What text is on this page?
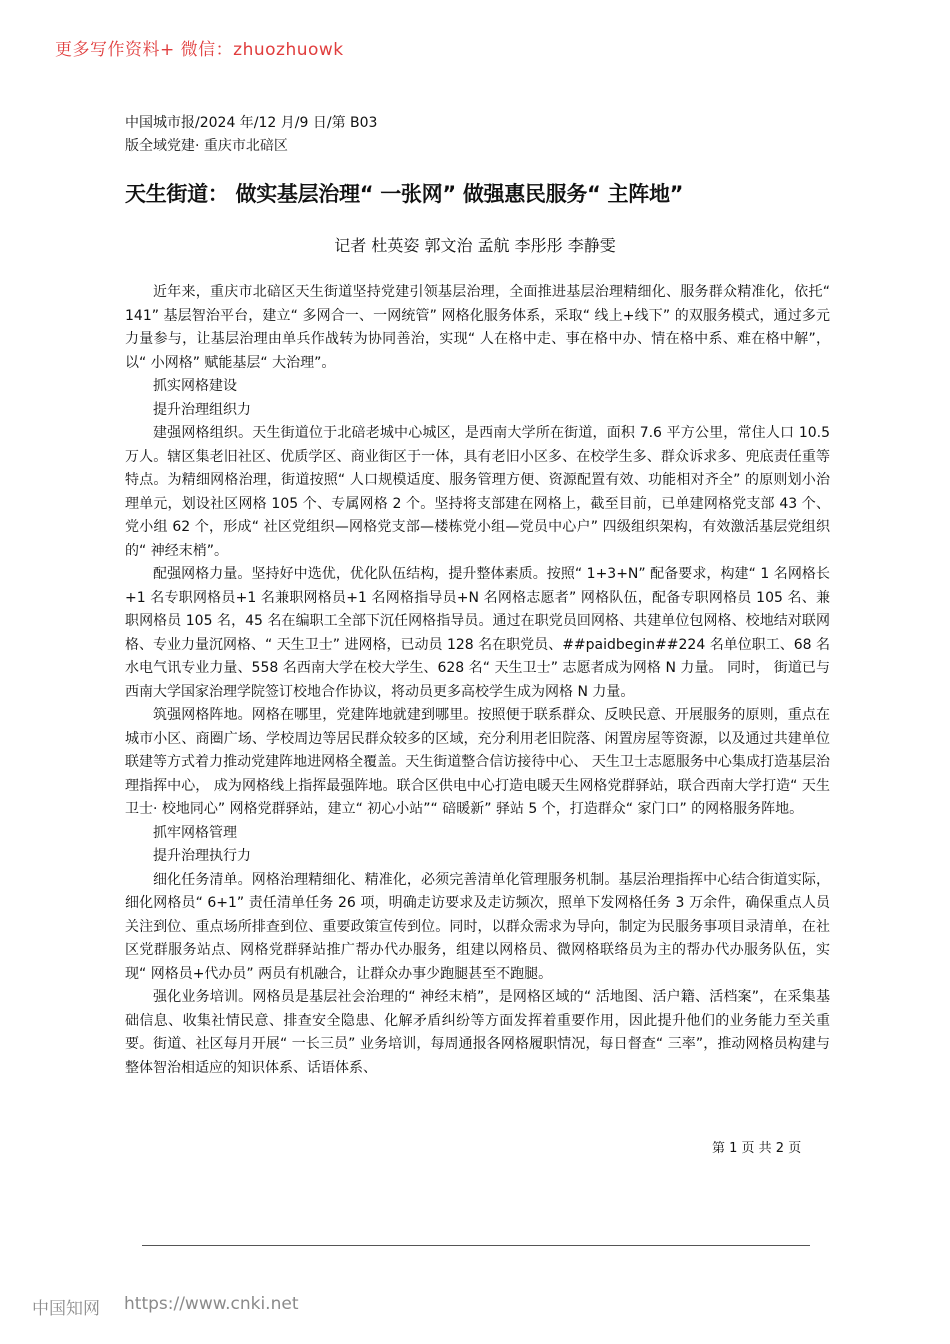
更多写作资料+ 微信：zhuozhuowk
中国城市报/2024 年/12 月/9 日/第 B03
版全域党建· 重庆市北碚区
天生街道： 做实基层治理“ 一张网” 做强惠民服务“ 主阵地”
记者 杜英姿 郭文治 孟航 李彤彤 李静雯

近年来，重庆市北碚区天生街道坚持党建引领基层治理，全面推进基层治理精细化、服务群众精准化，依托“ 141” 基层智治平台，建立“ 多网合一、一网统管” 网格化服务体系，采取“ 线上+线下” 的双服务模式，通过多元力量参与，让基层治理由单兵作战转为协同善治，实现“ 人在格中走、事在格中办、情在格中系、难在格中解”，以“ 小网格” 赋能基层“ 大治理”。

抓实网格建设

提升治理组织力

建强网格组织。天生街道位于北碚老城中心城区，是西南大学所在街道，面积 7.6 平方公里，常住人口 10.5 万人。辖区集老旧社区、优质学区、商业街区于一体，具有老旧小区多、在校学生多、群众诉求多、兜底责任重等特点。为精细网格治理，街道按照“ 人口规模适度、服务管理方便、资源配置有效、功能相对齐全” 的原则划小治理单元，划设社区网格 105 个、专属网格 2 个。坚持将支部建在网格上，截至目前，已单建网格党支部 43 个、党小组 62 个，形成“ 社区党组织—网格党支部—楼栋党小组—党员中心户” 四级组织架构，有效激活基层党组织的“ 神经末梢”。

配强网格力量。坚持好中选优，优化队伍结构，提升整体素质。按照“ 1+3+N” 配备要求，构建“ 1 名网格长+1 名专职网格员+1 名兼职网格员+1 名网格指导员+N 名网格志愿者” 网格队伍，配备专职网格员 105 名、兼职网格员 105 名，45 名在编职工全部下沉任网格指导员。通过在职党员回网格、共建单位包网格、校地结对联网格、专业力量沉网格、“ 天生卫士” 进网格，已动员 128 名在职党员、##paidbegin##224 名单位职工、68 名水电气讯专业力量、558 名西南大学在校大学生、628 名“ 天生卫士” 志愿者成为网格 N 力量。 同时， 街道已与西南大学国家治理学院签订校地合作协议，将动员更多高校学生成为网格 N 力量。

筑强网格阵地。网格在哪里，党建阵地就建到哪里。按照便于联系群众、反映民意、开展服务的原则，重点在城市小区、商圈广场、学校周边等居民群众较多的区域，充分利用老旧院落、闲置房屋等资源，以及通过共建单位联建等方式着力推动党建阵地进网格全覆盖。天生街道整合信访接待中心、 天生卫士志愿服务中心集成打造基层治理指挥中心， 成为网格线上指挥最强阵地。联合区供电中心打造电暖天生网格党群驿站，联合西南大学打造“ 天生卫士· 校地同心” 网格党群驿站，建立“ 初心小站”“ 碚暖新” 驿站 5 个，打造群众“ 家门口” 的网格服务阵地。

抓牢网格管理

提升治理执行力

细化任务清单。网格治理精细化、精准化，必须完善清单化管理服务机制。基层治理指挥中心结合街道实际，细化网格员“ 6+1” 责任清单任务 26 项，明确走访要求及走访频次，照单下发网格任务 3 万余件，确保重点人员关注到位、重点场所排查到位、重要政策宣传到位。同时，以群众需求为导向，制定为民服务事项目录清单，在社区党群服务站点、网格党群驿站推广帮办代办服务，组建以网格员、微网格联络员为主的帮办代办服务队伍，实现“ 网格员+代办员” 两员有机融合，让群众办事少跑腿甚至不跑腿。

强化业务培训。网格员是基层社会治理的“ 神经末梢”，是网格区域的“ 活地图、活户籍、活档案”，在采集基础信息、收集社情民意、排查安全隐患、化解矛盾纠纷等方面发挥着重要作用，因此提升他们的业务能力至关重要。街道、社区每月开展“ 一长三员” 业务培训，每周通报各网格履职情况，每日督查“ 三率”，推动网格员构建与整体智治相适应的知识体系、话语体系、

第 1 页 共 2 页
中国知网 https://www.cnki.net
